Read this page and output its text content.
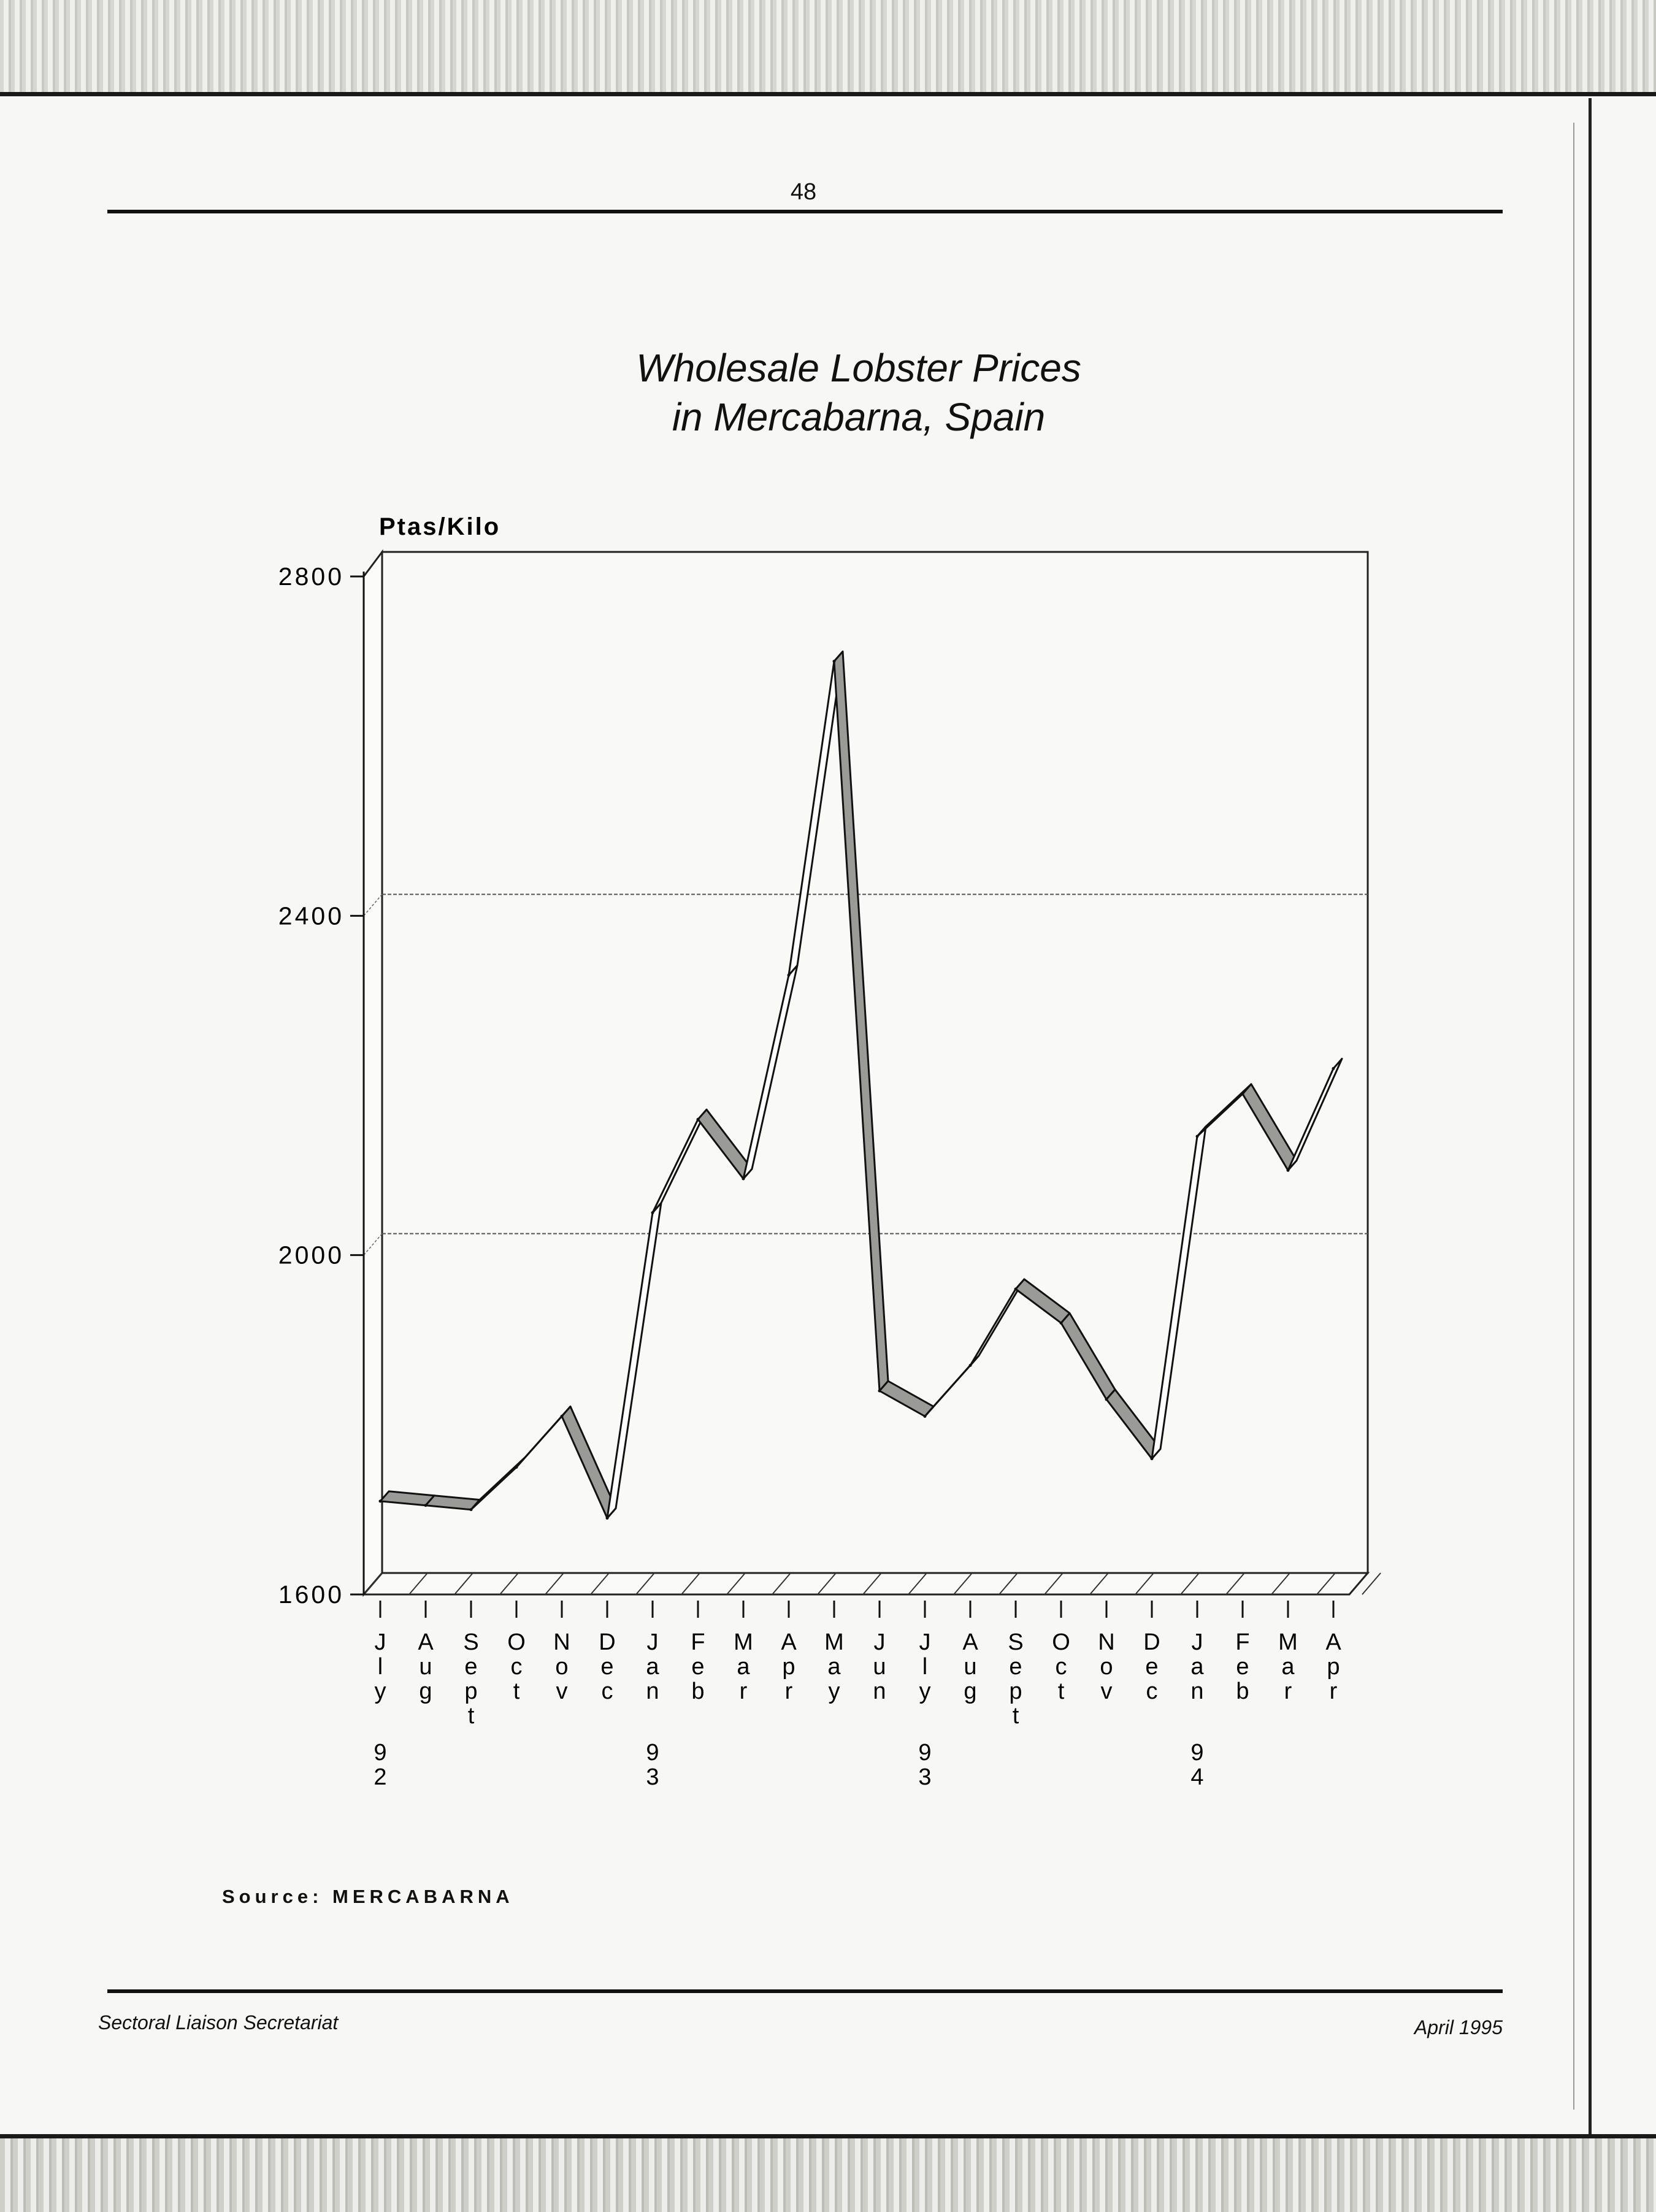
48
Wholesale Lobster Prices
in Mercabarna, Spain
1600
2000
2400
2800
J l y
9 2
A u g
S e p t
O c t
N o v
D e c
J a n
9 3
F e b
M a r
A p r
M a y
J u n
J l y
9 3
A u g
S e p t
O c t
N o v
D e c
J a n
9 4
F e b
M a r
A p r
Ptas/Kilo
Source: MERCABARNA
Sectoral Liaison Secretariat	April 1995
